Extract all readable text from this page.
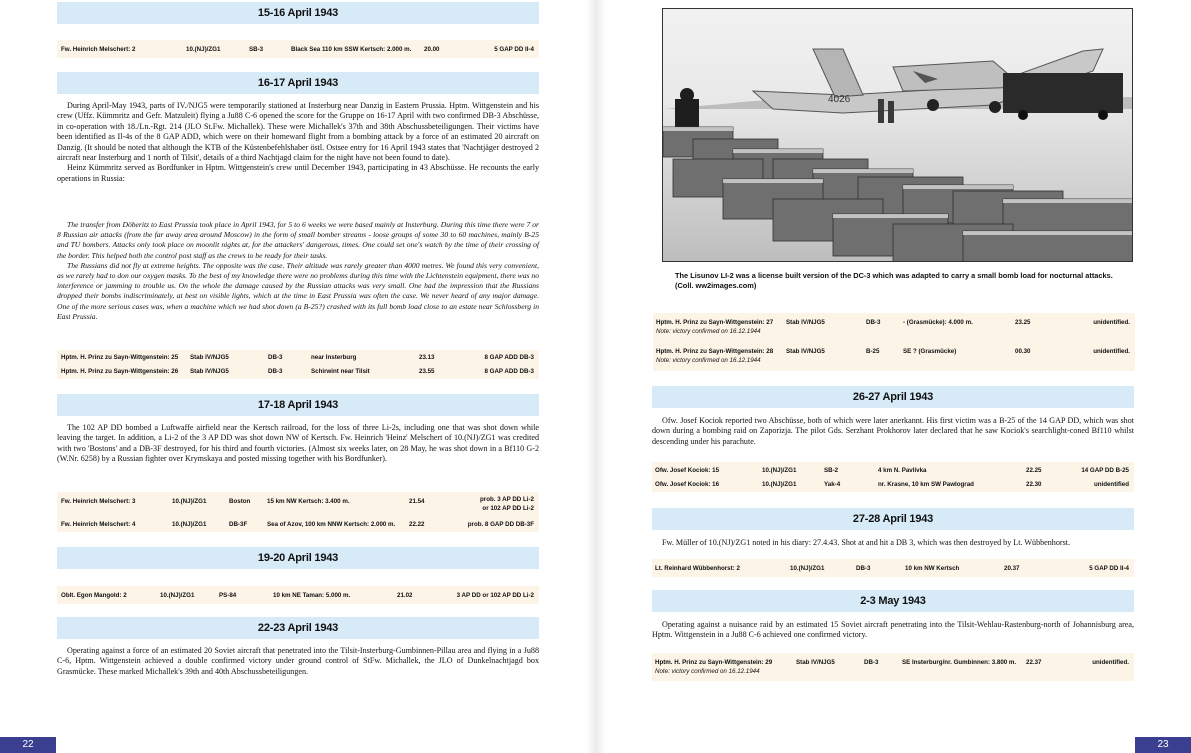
15-16 April 1943
Fw. Heinrich Melschert: 2	10.(NJ)/ZG1	SB-3	Black Sea 110 km SSW Kertsch: 2.000 m. 20.00	5 GAP DD II-4
16-17 April 1943

During April-May 1943, parts of IV./NJG5 were temporarily stationed at Insterburg near Danzig in Eastern Prussia. Hptm. Wittgenstein and his crew (Uffz. Kümmritz and Gefr. Matzuleit) flying a Ju88 C-6 opened the score for the Gruppe on 16-17 April with two confirmed DB-3 Abschüsse, in co-operation with 18./Ln.-Rgt. 214 (JLO St.Fw. Michallek). These were Michallek's 37th and 38th Abschussbeteiligungen. Their victims have been identified as Il-4s of the 8 GAP ADD, which were on their homeward flight from a bombing attack by a force of an estimated 20 aircraft on Danzig. (It should be noted that although the KTB of the Küstenbefehlshaber östl. Ostsee entry for 16 April 1943 states that 'Nachtjäger destroyed 2 aircraft near Insterburg and 1 north of Tilsit', details of a third Nachtjagd claim for the night have not been found to date).

Heinz Kümmritz served as Bordfunker in Hptm. Wittgenstein's crew until December 1943, participating in 43 Abschüsse. He recounts the early operations in Russia:

The transfer from Döberitz to East Prussia took place in April 1943, for 5 to 6 weeks we were based mainly at Insterburg. During this time there were 7 or 8 Russian air attacks (from the far away area around Moscow) in the form of small bomber streams - loose groups of some 30 to 60 machines, mainly B-25 and TU bombers. Attacks only took place on moonlit nights at, for the attackers' dangerous, times. One could set one's watch by the time of their crossing of the border. This helped both the control post staff as the crews to be ready for their tasks.

The Russians did not fly at extreme heights. The opposite was the case. Their altitude was rarely greater than 4000 metres. We found this very convenient, as we rarely had to don our oxygen masks. To the best of my knowledge there were no problems during this time with the Lichtenstein equipment, there was no interference or jamming to trouble us. On the whole the damage caused by the Russian attacks was very small. One had the impression that the Russians dropped their bombs indiscriminately, at best on visible lights, which at the time in East Prussia was often the case. We never heard of any major damage. One of the more serious cases was, when a machine which we had shot down (a B-25?) crashed with its full bomb load close to an estate near Schlossberg in East Prussia.

Hptm. H. Prinz zu Sayn-Wittgenstein: 25 Stab IV/NJG5	DB-3	near Insterburg	23.13	8 GAP ADD DB-3
Hptm. H. Prinz zu Sayn-Wittgenstein: 26 Stab IV/NJG5	DB-3	Schirwint near Tilsit	23.55	8 GAP ADD DB-3
17-18 April 1943

The 102 AP DD bombed a Luftwaffe airfield near the Kertsch railroad, for the loss of three Li-2s, including one that was shot down while leaving the target. In addition, a Li-2 of the 3 AP DD was shot down NW of Kertsch. Fw. Heinrich 'Heinz' Melschert of 10.(NJ)/ZG1 was credited with two 'Bostons' and a DB-3F destroyed, for his third and fourth victories. (Almost six weeks later, on 28 May, he was shot down in a Bf110 G-2 (W.Nr. 6258) by a Russian fighter over Krymskaya and posted missing together with his Bordfunker).

Fw. Heinrich Melschert: 3	10.(NJ)/ZG1	Boston	15 km NW Kertsch: 3.400 m.	21.54	prob. 3 AP DD Li-2
or 102 AP DD Li-2
Fw. Heinrich Melschert: 4	10.(NJ)/ZG1	DB-3F	Sea of Azov, 100 km NNW Kertsch: 2.000 m. 22.22	prob. 8 GAP DD DB-3F
19-20 April 1943
Oblt. Egon Mangold: 2	10.(NJ)/ZG1	PS-84	10 km NE Taman: 5.000 m.	21.02	3 AP DD or 102 AP DD Li-2
22-23 April 1943

Operating against a force of an estimated 20 Soviet aircraft that penetrated into the Tilsit-Insterburg-Gumbinnen-Pillau area and flying in a Ju88 C-6, Hptm. Wittgenstein achieved a double confirmed victory under ground control of StFw. Michallek, the JLO of Dunkelnachtjagd box Grasmücke. These marked Michallek's 39th and 40th Abschussbeteiligungen.

22
4026
The Lisunov LI-2 was a license built version of the DC-3 which was adapted to carry a small bomb load for nocturnal attacks. (Coll. ww2images.com)
Hptm. H. Prinz zu Sayn-Wittgenstein: 27 Stab IV/NJG5	DB-3	- (Grasmücke): 4.000 m.	23.25	unidentified.
Note: victory confirmed on 16.12.1944
Hptm. H. Prinz zu Sayn-Wittgenstein: 28 Stab IV/NJG5	B-25	SE ? (Grasmücke)	00.30	unidentified.
Note: victory confirmed on 16.12.1944
26-27 April 1943

Ofw. Josef Kociok reported two Abschüsse, both of which were later anerkannt. His first victim was a B-25 of the 14 GAP DD, which was shot down during a bombing raid on Zaporizja. The pilot Gds. Serzhant Prokhorov later declared that he saw Kociok's searchlight-coned Bf110 whilst descending under his parachute.

Ofw. Josef Kociok: 15	10.(NJ)/ZG1	SB-2	4 km N. Pavlivka	22.25	14 GAP DD B-25
Ofw. Josef Kociok: 16	10.(NJ)/ZG1	Yak-4	nr. Krasne, 10 km SW Pawlograd	22.30	unidentified
27-28 April 1943

Fw. Müller of 10.(NJ)/ZG1 noted in his diary: 27.4.43. Shot at and hit a DB 3, which was then destroyed by Lt. Wübbenhorst.

Lt. Reinhard Wübbenhorst: 2	10.(NJ)/ZG1	DB-3	10 km NW Kertsch	20.37	5 GAP DD II-4
2-3 May 1943

Operating against a nuisance raid by an estimated 15 Soviet aircraft penetrating into the Tilsit-Wehlau-Rastenburg-north of Johannisburg area, Hptm. Wittgenstein in a Ju88 C-6 achieved one confirmed victory.

Hptm. H. Prinz zu Sayn-Wittgenstein: 29	Stab IV/NJG5	DB-3	SE Insterburg/nr. Gumbinnen: 3.800 m. 22.37	unidentified.
Note: victory confirmed on 16.12.1944
23
